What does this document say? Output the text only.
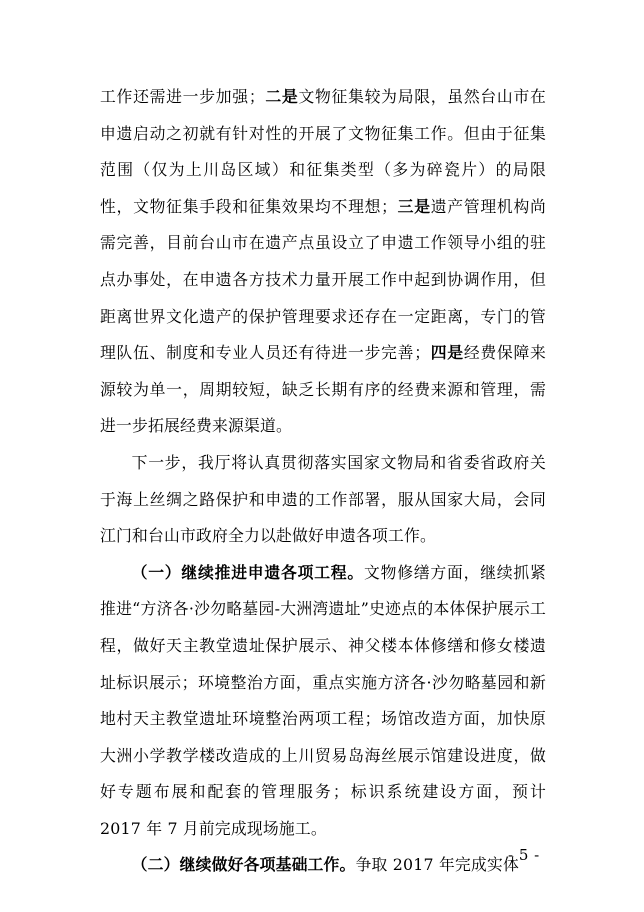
工作还需进一步加强；二是文物征集较为局限，虽然台山市在申遗启动之初就有针对性的开展了文物征集工作。但由于征集范围（仅为上川岛区域）和征集类型（多为碎瓷片）的局限性，文物征集手段和征集效果均不理想；三是遗产管理机构尚需完善，目前台山市在遗产点虽设立了申遗工作领导小组的驻点办事处，在申遗各方技术力量开展工作中起到协调作用，但距离世界文化遗产的保护管理要求还存在一定距离，专门的管理队伍、制度和专业人员还有待进一步完善；四是经费保障来源较为单一，周期较短，缺乏长期有序的经费来源和管理，需进一步拓展经费来源渠道。

下一步，我厅将认真贯彻落实国家文物局和省委省政府关于海上丝绸之路保护和申遗的工作部署，服从国家大局，会同江门和台山市政府全力以赴做好申遗各项工作。

（一）继续推进申遗各项工程。文物修缮方面，继续抓紧推进“方济各·沙勿略墓园-大洲湾遗址”史迹点的本体保护展示工程，做好天主教堂遗址保护展示、神父楼本体修缮和修女楼遗址标识展示；环境整治方面，重点实施方济各·沙勿略墓园和新地村天主教堂遗址环境整治两项工程；场馆改造方面，加快原大洲小学教学楼改造成的上川贸易岛海丝展示馆建设进度，做好专题布展和配套的管理服务；标识系统建设方面，预计 2017 年 7 月前完成现场施工。

（二）继续做好各项基础工作。争取 2017 年完成实体

- 5 -
